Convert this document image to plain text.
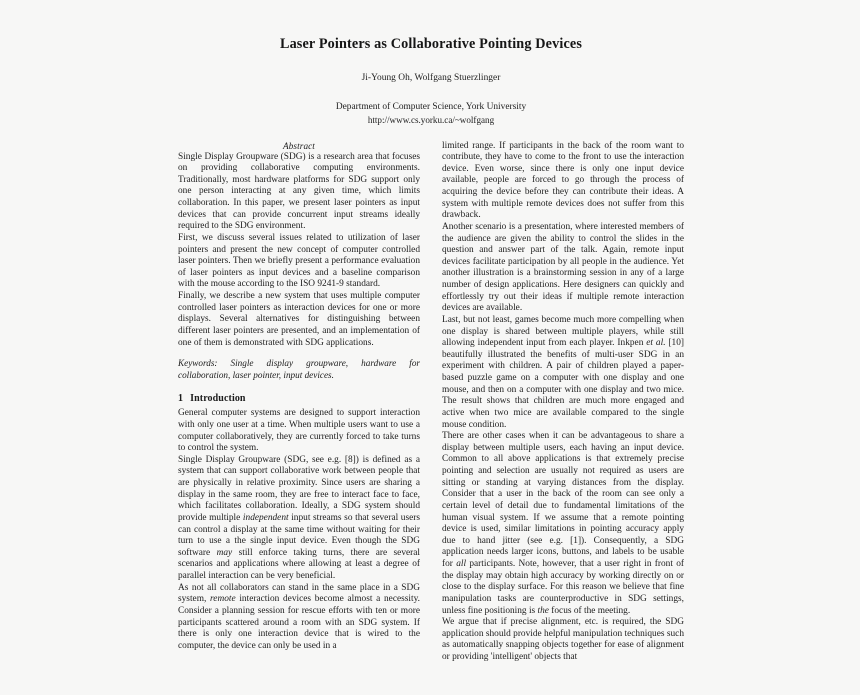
Laser Pointers as Collaborative Pointing Devices
Ji-Young Oh, Wolfgang Stuerzlinger
Department of Computer Science, York University
http://www.cs.yorku.ca/~wolfgang
Abstract

Single Display Groupware (SDG) is a research area that focuses on providing collaborative computing environments. Traditionally, most hardware platforms for SDG support only one person interacting at any given time, which limits collaboration. In this paper, we present laser pointers as input devices that can provide concurrent input streams ideally required to the SDG environment.

First, we discuss several issues related to utilization of laser pointers and present the new concept of computer controlled laser pointers. Then we briefly present a performance evaluation of laser pointers as input devices and a baseline comparison with the mouse according to the ISO 9241-9 standard.

Finally, we describe a new system that uses multiple computer controlled laser pointers as interaction devices for one or more displays. Several alternatives for distinguishing between different laser pointers are presented, and an implementation of one of them is demonstrated with SDG applications.

Keywords: Single display groupware, hardware for collaboration, laser pointer, input devices.

1 Introduction

General computer systems are designed to support interaction with only one user at a time. When multiple users want to use a computer collaboratively, they are currently forced to take turns to control the system.

Single Display Groupware (SDG, see e.g. [8]) is defined as a system that can support collaborative work between people that are physically in relative proximity. Since users are sharing a display in the same room, they are free to interact face to face, which facilitates collaboration. Ideally, a SDG system should provide multiple independent input streams so that several users can control a display at the same time without waiting for their turn to use a the single input device. Even though the SDG software may still enforce taking turns, there are several scenarios and applications where allowing at least a degree of parallel interaction can be very beneficial.

As not all collaborators can stand in the same place in a SDG system, remote interaction devices become almost a necessity. Consider a planning session for rescue efforts with ten or more participants scattered around a room with an SDG system. If there is only one interaction device that is wired to the computer, the device can only be used in a

limited range. If participants in the back of the room want to contribute, they have to come to the front to use the interaction device. Even worse, since there is only one input device available, people are forced to go through the process of acquiring the device before they can contribute their ideas. A system with multiple remote devices does not suffer from this drawback.

Another scenario is a presentation, where interested members of the audience are given the ability to control the slides in the question and answer part of the talk. Again, remote input devices facilitate participation by all people in the audience. Yet another illustration is a brainstorming session in any of a large number of design applications. Here designers can quickly and effortlessly try out their ideas if multiple remote interaction devices are available.

Last, but not least, games become much more compelling when one display is shared between multiple players, while still allowing independent input from each player. Inkpen et al. [10] beautifully illustrated the benefits of multi-user SDG in an experiment with children. A pair of children played a paper-based puzzle game on a computer with one display and one mouse, and then on a computer with one display and two mice. The result shows that children are much more engaged and active when two mice are available compared to the single mouse condition.

There are other cases when it can be advantageous to share a display between multiple users, each having an input device. Common to all above applications is that extremely precise pointing and selection are usually not required as users are sitting or standing at varying distances from the display. Consider that a user in the back of the room can see only a certain level of detail due to fundamental limitations of the human visual system. If we assume that a remote pointing device is used, similar limitations in pointing accuracy apply due to hand jitter (see e.g. [1]). Consequently, a SDG application needs larger icons, buttons, and labels to be usable for all participants. Note, however, that a user right in front of the display may obtain high accuracy by working directly on or close to the display surface. For this reason we believe that fine manipulation tasks are counterproductive in SDG settings, unless fine positioning is the focus of the meeting.

We argue that if precise alignment, etc. is required, the SDG application should provide helpful manipulation techniques such as automatically snapping objects together for ease of alignment or providing 'intelligent' objects that
